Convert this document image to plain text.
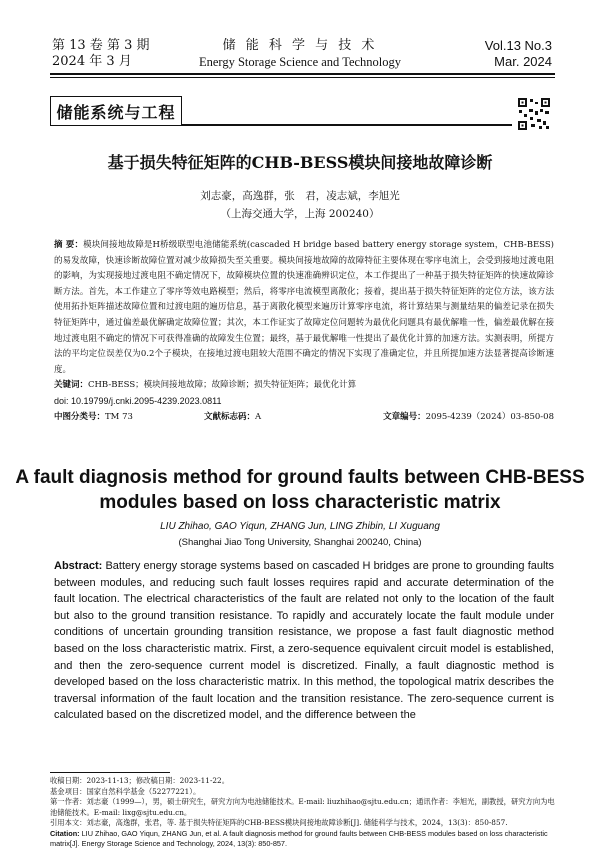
第 13 卷 第 3 期
2024 年 3 月
储 能 科 学 与 技 术
Energy Storage Science and Technology
Vol.13 No.3
Mar. 2024
储能系统与工程
基于损失特征矩阵的CHB-BESS模块间接地故障诊断
刘志豪，高逸群，张　君，凌志斌，李旭光
（上海交通大学，上海 200240）
摘 要：模块间接地故障是H桥级联型电池储能系统(cascaded H bridge based battery energy storage system，CHB-BESS)的易发故障，快速诊断故障位置对减少故障损失至关重要。模块间接地故障的故障特征主要体现在零序电流上，会受到接地过渡电阻的影响，为实现接地过渡电阻不确定情况下，故障模块位置的快速准确辨识定位，本工作提出了一种基于损失特征矩阵的快速故障诊断方法。首先，本工作建立了零序等效电路模型；然后，将零序电流模型离散化；接着，提出基于损失特征矩阵的定位方法，该方法使用拓扑矩阵描述故障位置和过渡电阻的遍历信息，基于离散化模型来遍历计算零序电流，将计算结果与测量结果的偏差记录在损失特征矩阵中，通过偏差最优解确定故障位置；其次，本工作证实了故障定位问题转为最优化问题具有最优解唯一性，偏差最优解在接地过渡电阻不确定的情况下可获得准确的故障发生位置；最终，基于最优解唯一性提出了最优化计算的加速方法。实测表明，所提方法的平均定位误差仅为0.2个子模块，在接地过渡电阻较大范围不确定的情况下实现了准确定位，并且所提加速方法显著提高诊断速度。
关键词：CHB-BESS；模块间接地故障；故障诊断；损失特征矩阵；最优化计算
doi: 10.19799/j.cnki.2095-4239.2023.0811
中图分类号：TM 73	文献标志码：A	文章编号：2095-4239（2024）03-850-08
A fault diagnosis method for ground faults between CHB-BESS modules based on loss characteristic matrix
LIU Zhihao, GAO Yiqun, ZHANG Jun, LING Zhibin, LI Xuguang
(Shanghai Jiao Tong University, Shanghai 200240, China)
Abstract: Battery energy storage systems based on cascaded H bridges are prone to grounding faults between modules, and reducing such fault losses requires rapid and accurate determination of the fault location. The electrical characteristics of the fault are related not only to the location of the fault but also to the ground transition resistance. To rapidly and accurately locate the fault module under conditions of uncertain grounding transition resistance, we propose a fast fault diagnostic method based on the loss characteristic matrix. First, a zero-sequence equivalent circuit model is established, and then the zero-sequence current model is discretized. Finally, a fault diagnostic method is developed based on the loss characteristic matrix. In this method, the topological matrix describes the traversal information of the fault location and the transition resistance. The zero-sequence current is calculated based on the discretized model, and the difference between the
收稿日期：2023-11-13；修改稿日期：2023-11-22。
基金项目：国家自然科学基金（52277221）。
第一作者：刘志豪（1999—），男，硕士研究生，研究方向为电池储能技术。E-mail: liuzhihao@sjtu.edu.cn；通讯作者：李旭光，副教授，研究方向为电池储能技术。E-mail: lixg@sjtu.edu.cn。
引用本文：刘志豪，高逸群，张君，等. 基于损失特征矩阵的CHB-BESS模块间接地故障诊断[J]. 储能科学与技术，2024，13(3)：850-857.
Citation: LIU Zhihao, GAO Yiqun, ZHANG Jun, et al. A fault diagnosis method for ground faults between CHB-BESS modules based on loss characteristic matrix[J]. Energy Storage Science and Technology, 2024, 13(3): 850-857.
